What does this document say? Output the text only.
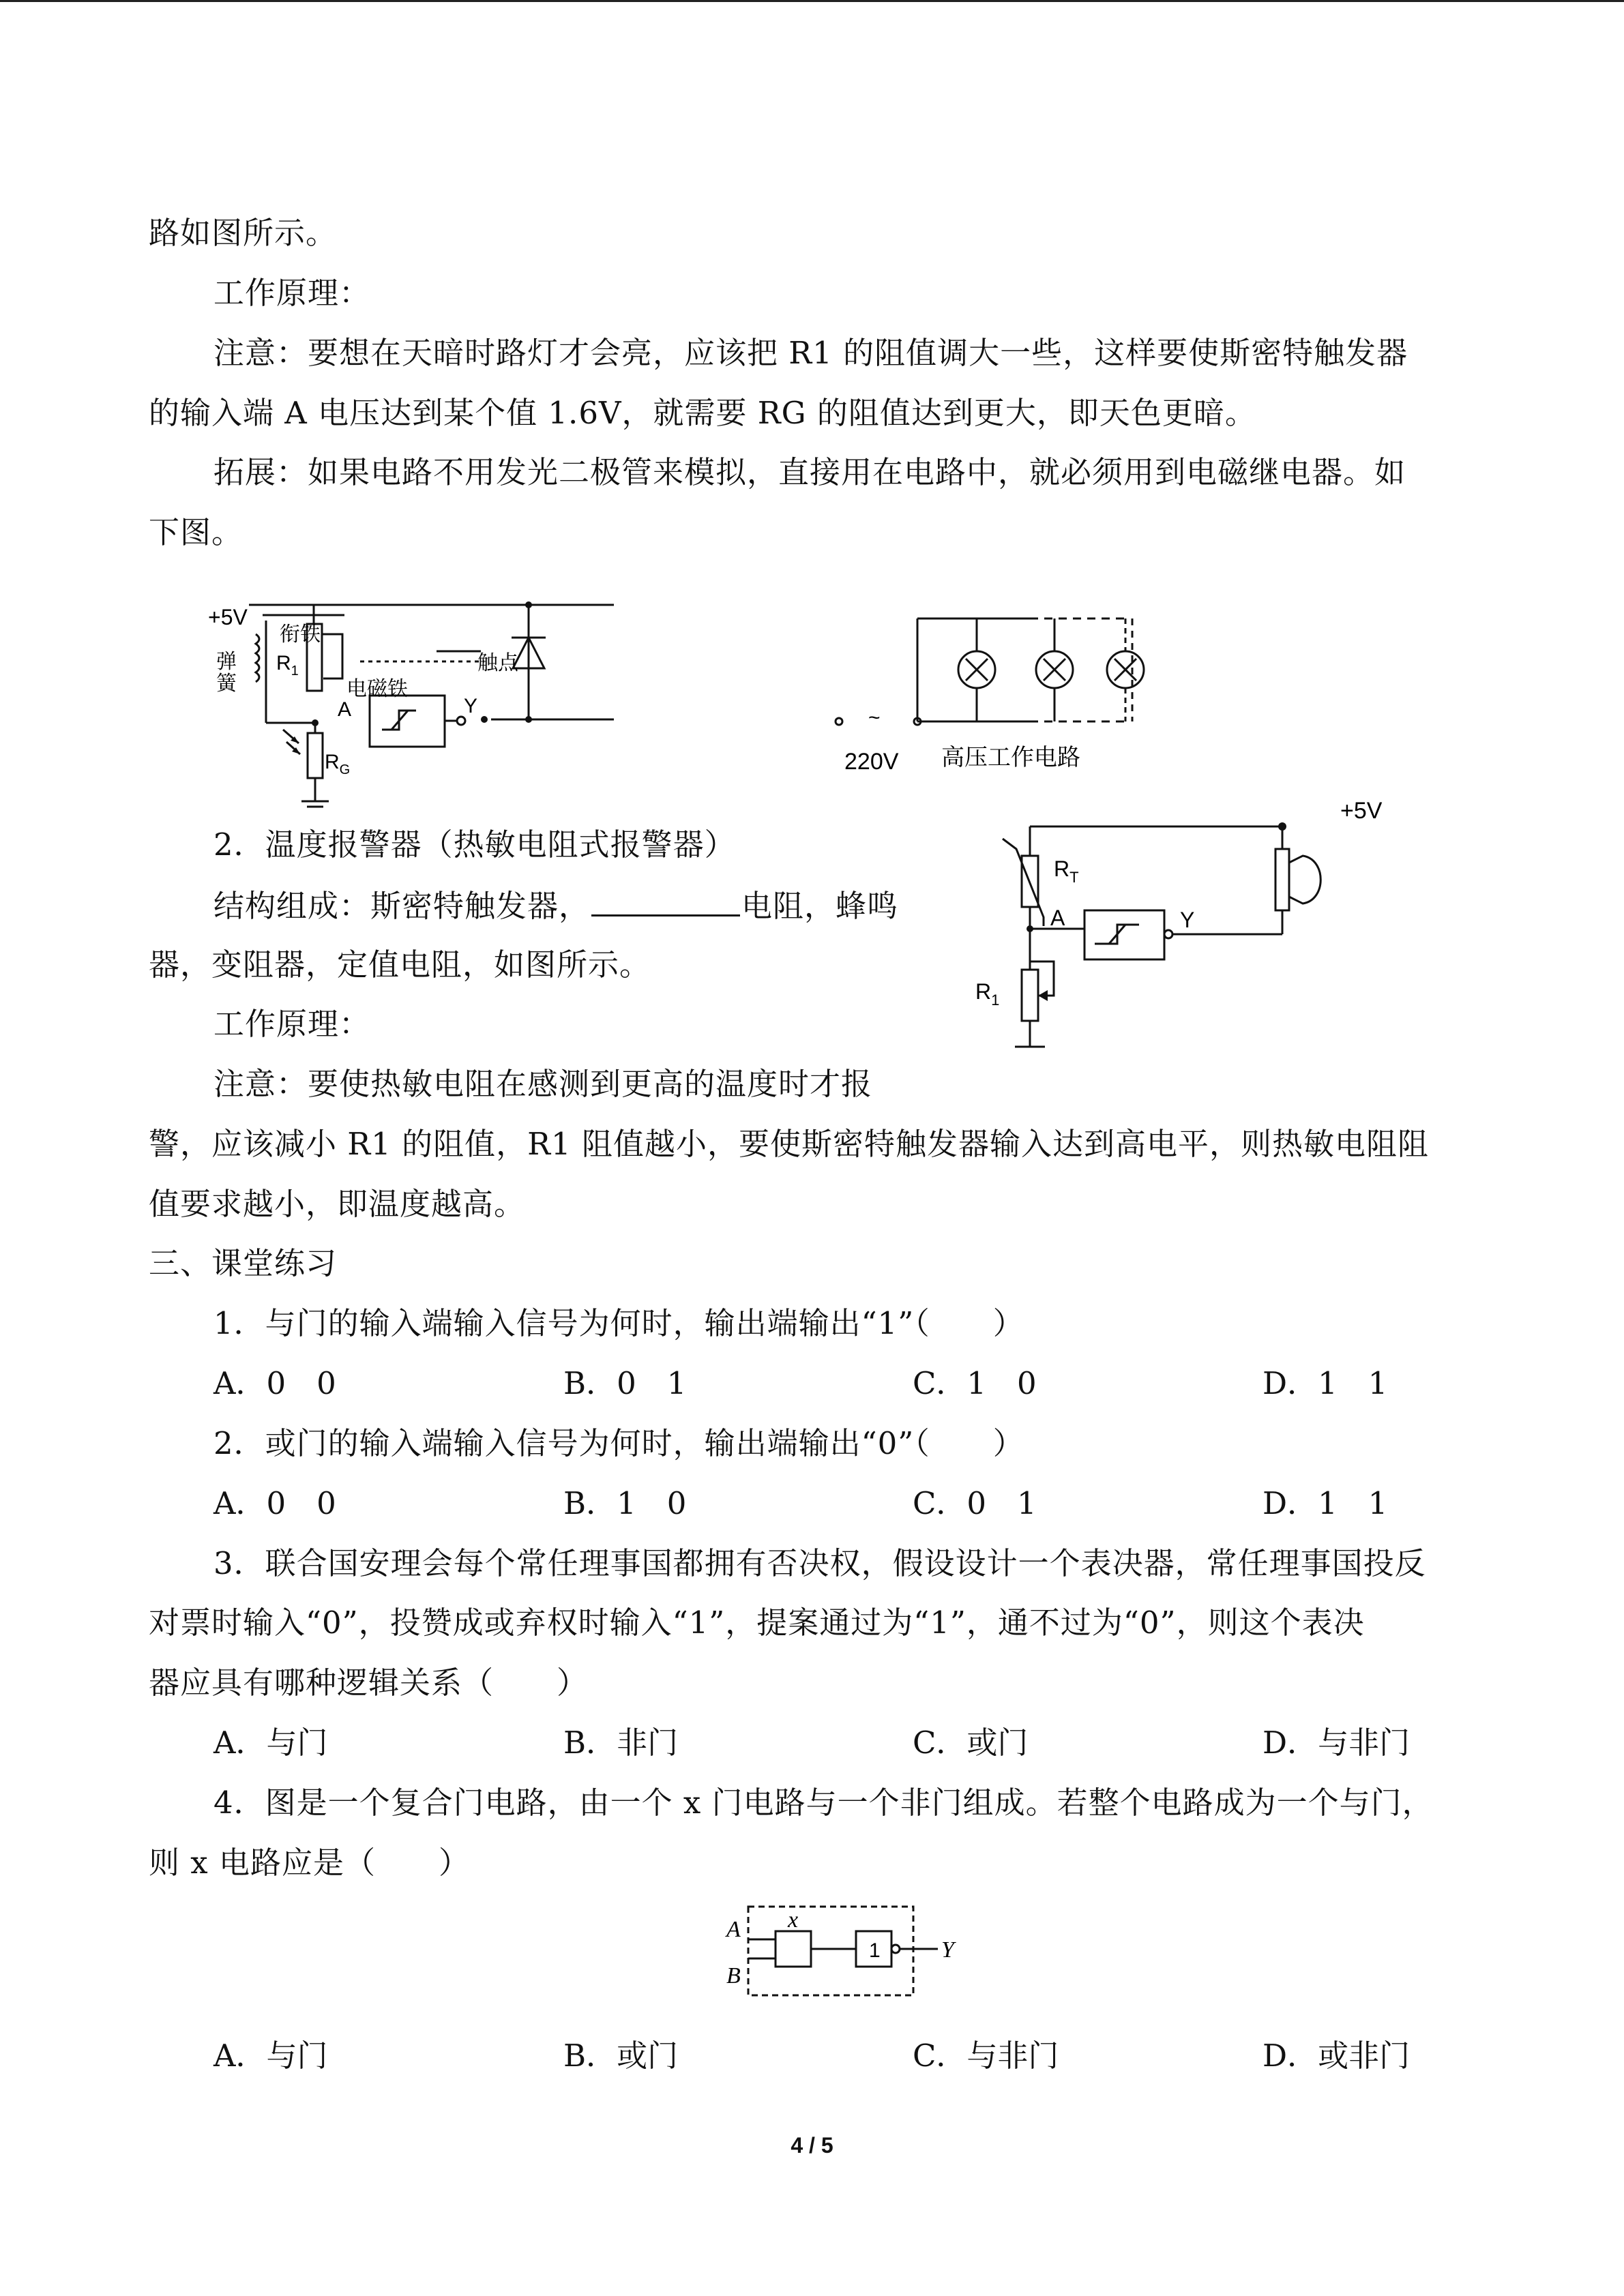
路如图所示。
工作原理：
注意：要想在天暗时路灯才会亮，应该把 R1 的阻值调大一些，这样要使斯密特触发器
的输入端 A 电压达到某个值 1.6V，就需要 RG 的阻值达到更大，即天色更暗。
拓展：如果电路不用发光二极管来模拟，直接用在电路中，就必须用到电磁继电器。如
下图。
+5V
衔铁
弹
簧
$R_1$
电磁铁
A	Y
触点
$R_G$
~
220V 高压工作电路
2．温度报警器（热敏电阻式报警器）
结构组成：斯密特触发器，	电阻，蜂鸣
器，变阻器，定值电阻，如图所示。
工作原理：
注意：要使热敏电阻在感测到更高的温度时才报
+5V
$R_T$
A	Y
$R_1$
警，应该减小 R1 的阻值，R1 阻值越小，要使斯密特触发器输入达到高电平，则热敏电阻阻
值要求越小，即温度越高。
三、课堂练习
1．与门的输入端输入信号为何时，输出端输出“1”（　　）
A．0　0	B．0　1	C．1　0	D．1　1
2．或门的输入端输入信号为何时，输出端输出“0”（　　）
A．0　0	B．1　0	C．0　1	D．1　1
3．联合国安理会每个常任理事国都拥有否决权，假设设计一个表决器，常任理事国投反
对票时输入“0”，投赞成或弃权时输入“1”，提案通过为“1”，通不过为“0”，则这个表决
器应具有哪种逻辑关系（　　）
A．与门	B．非门	C．或门	D．与非门
4．图是一个复合门电路，由一个 x 门电路与一个非门组成。若整个电路成为一个与门，
则 x 电路应是（　　）
A
B
x
1	Y
A．与门	B．或门	C．与非门	D．或非门
4 / 5
